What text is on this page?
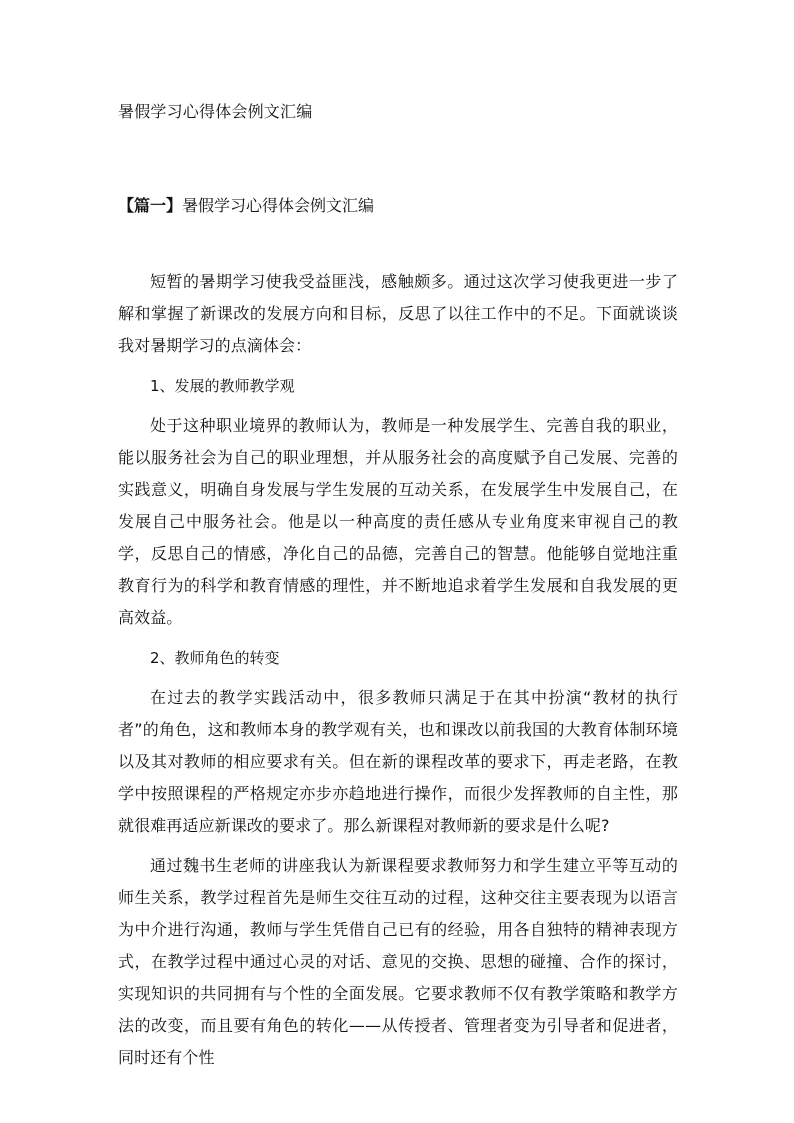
暑假学习心得体会例文汇编
【篇一】暑假学习心得体会例文汇编

短暂的暑期学习使我受益匪浅，感触颇多。通过这次学习使我更进一步了解和掌握了新课改的发展方向和目标，反思了以往工作中的不足。下面就谈谈我对暑期学习的点滴体会：

1、发展的教师教学观

处于这种职业境界的教师认为，教师是一种发展学生、完善自我的职业，能以服务社会为自己的职业理想，并从服务社会的高度赋予自己发展、完善的实践意义，明确自身发展与学生发展的互动关系，在发展学生中发展自己，在发展自己中服务社会。他是以一种高度的责任感从专业角度来审视自己的教学，反思自己的情感，净化自己的品德，完善自己的智慧。他能够自觉地注重教育行为的科学和教育情感的理性，并不断地追求着学生发展和自我发展的更高效益。

2、教师角色的转变

在过去的教学实践活动中，很多教师只满足于在其中扮演“教材的执行者”的角色，这和教师本身的教学观有关，也和课改以前我国的大教育体制环境以及其对教师的相应要求有关。但在新的课程改革的要求下，再走老路，在教学中按照课程的严格规定亦步亦趋地进行操作，而很少发挥教师的自主性，那就很难再适应新课改的要求了。那么新课程对教师新的要求是什么呢?

通过魏书生老师的讲座我认为新课程要求教师努力和学生建立平等互动的师生关系，教学过程首先是师生交往互动的过程，这种交往主要表现为以语言为中介进行沟通，教师与学生凭借自己已有的经验，用各自独特的精神表现方式，在教学过程中通过心灵的对话、意见的交换、思想的碰撞、合作的探讨，实现知识的共同拥有与个性的全面发展。它要求教师不仅有教学策略和教学方法的改变，而且要有角色的转化——从传授者、管理者变为引导者和促进者，同时还有个性
